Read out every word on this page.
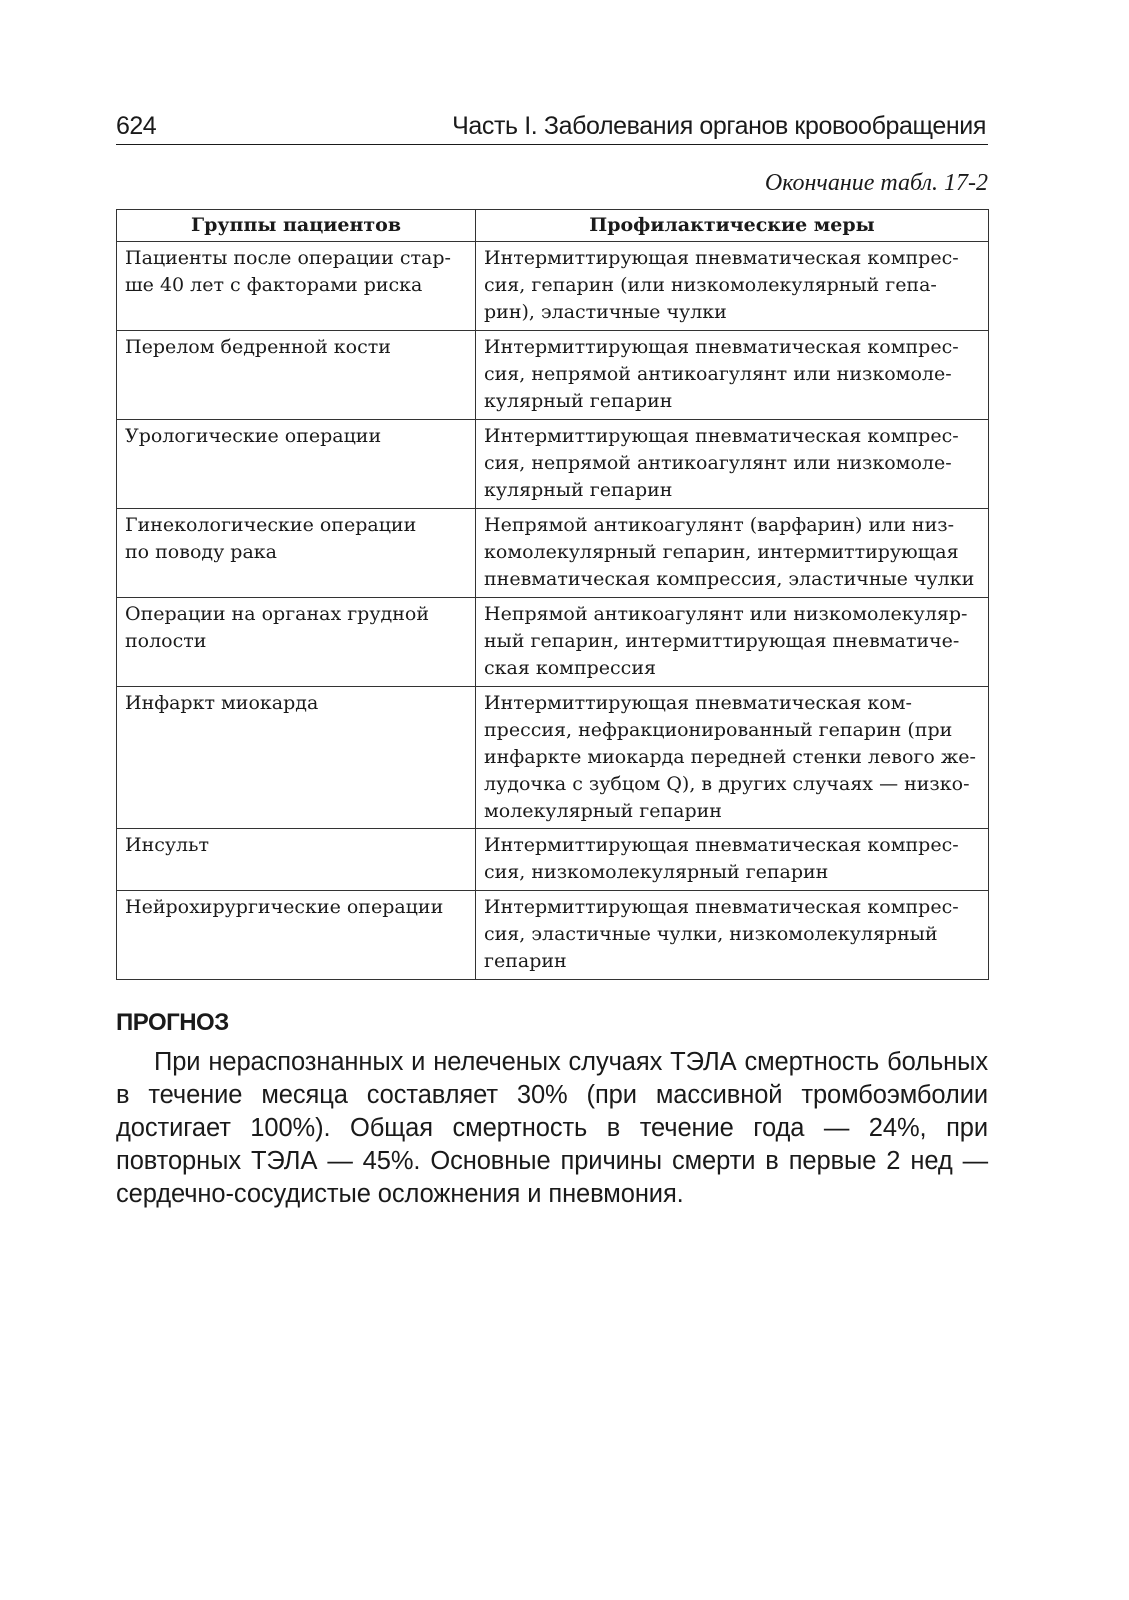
624	Часть I. Заболевания органов кровообращения
Окончание табл. 17-2
Группы пациентов	Профилактические меры

Пациенты после операции стар-
ше 40 лет с факторами риска	Интермиттирующая пневматическая компрес-
сия, гепарин (или низкомолекулярный гепа-
рин), эластичные чулки

Перелом бедренной кости	Интермиттирующая пневматическая компрес-
сия, непрямой антикоагулянт или низкомоле-
кулярный гепарин

Урологические операции	Интермиттирующая пневматическая компрес-
сия, непрямой антикоагулянт или низкомоле-
кулярный гепарин

Гинекологические операции
по поводу рака	Непрямой антикоагулянт (варфарин) или низ-
комолекулярный гепарин, интермиттирующая
пневматическая компрессия, эластичные чулки

Операции на органах грудной
полости	Непрямой антикоагулянт или низкомолекуляр-
ный гепарин, интермиттирующая пневматиче-
ская компрессия

Инфаркт миокарда	Интермиттирующая пневматическая ком-
прессия, нефракционированный гепарин (при
инфаркте миокарда передней стенки левого же-
лудочка с зубцом Q), в других случаях — низко-
молекулярный гепарин

Инсульт	Интермиттирующая пневматическая компрес-
сия, низкомолекулярный гепарин

Нейрохирургические операции	Интермиттирующая пневматическая компрес-
сия, эластичные чулки, низкомолекулярный
гепарин
ПРОГНОЗ

При нераспознанных и нелеченых случаях ТЭЛА смертность больных в течение месяца составляет 30% (при массивной тромбоэмболии достигает 100%). Общая смертность в течение года — 24%, при повторных ТЭЛА — 45%. Основные причины смерти в первые 2 нед — сердечно-сосудистые осложнения и пневмония.
